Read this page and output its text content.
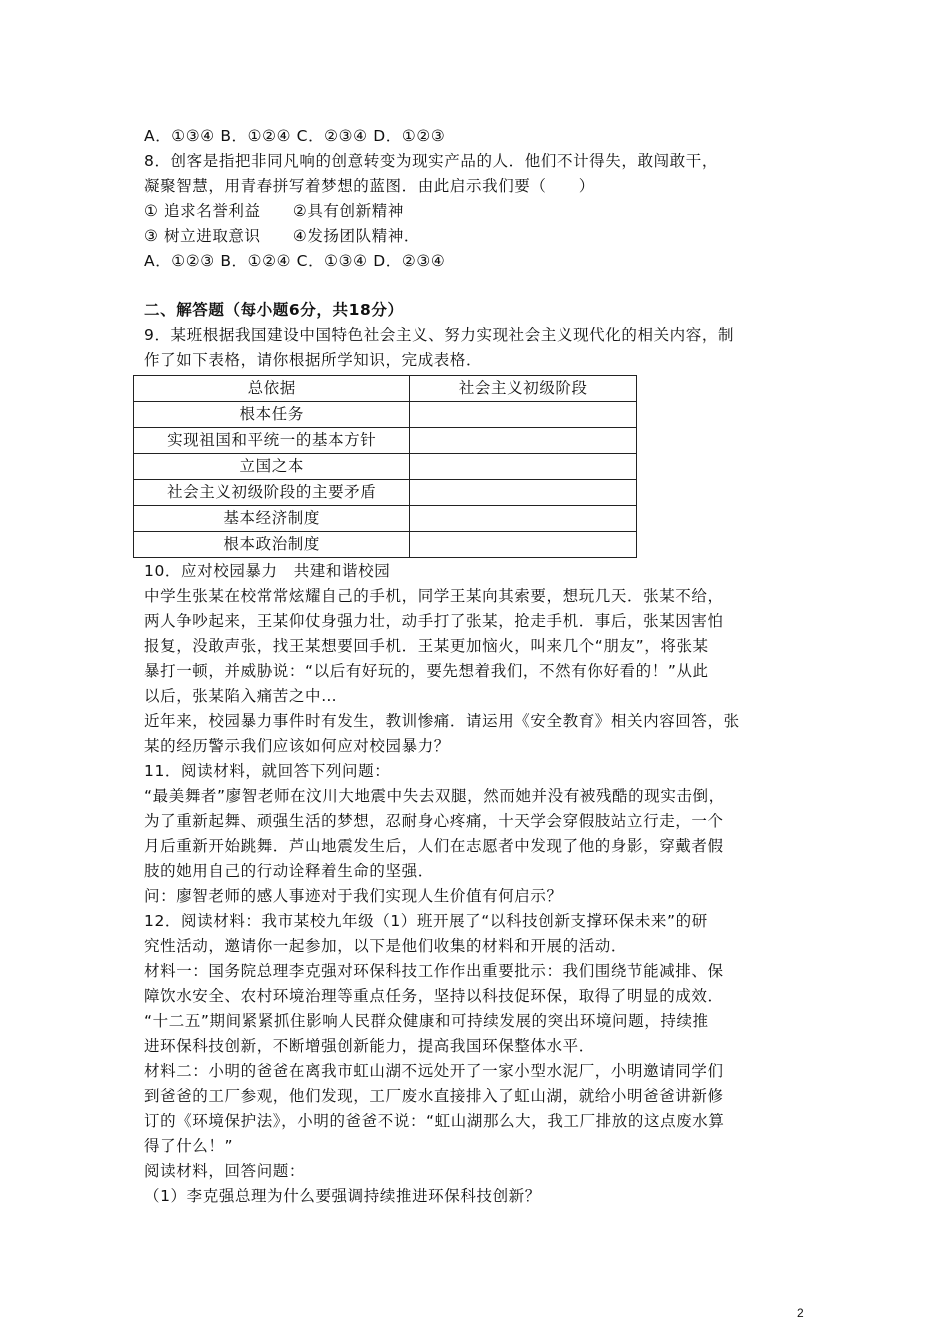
A．①③④ B．①②④ C．②③④ D．①②③
8．创客是指把非同凡响的创意转变为现实产品的人．他们不计得失，敢闯敢干，
凝聚智慧，用青春拼写着梦想的蓝图．由此启示我们要（　　）
① 追求名誉利益　　②具有创新精神
③ 树立进取意识　　④发扬团队精神．
A．①②③ B．①②④ C．①③④ D．②③④
二、解答题（每小题6分，共18分）
9．某班根据我国建设中国特色社会主义、努力实现社会主义现代化的相关内容，制
作了如下表格，请你根据所学知识，完成表格．
总依据	社会主义初级阶段
根本任务	
实现祖国和平统一的基本方针	
立国之本	
社会主义初级阶段的主要矛盾	
基本经济制度	
根本政治制度	
10．应对校园暴力　共建和谐校园
中学生张某在校常常炫耀自己的手机，同学王某向其索要，想玩几天．张某不给，
两人争吵起来，王某仰仗身强力壮，动手打了张某，抢走手机．事后，张某因害怕
报复，没敢声张，找王某想要回手机．王某更加恼火，叫来几个“朋友”，将张某
暴打一顿，并威胁说：“以后有好玩的，要先想着我们，不然有你好看的！”从此
以后，张某陷入痛苦之中…
近年来，校园暴力事件时有发生，教训惨痛．请运用《安全教育》相关内容回答，张
某的经历警示我们应该如何应对校园暴力？
11．阅读材料，就回答下列问题：
“最美舞者”廖智老师在汶川大地震中失去双腿，然而她并没有被残酷的现实击倒，
为了重新起舞、顽强生活的梦想，忍耐身心疼痛，十天学会穿假肢站立行走，一个
月后重新开始跳舞．芦山地震发生后，人们在志愿者中发现了他的身影，穿戴者假
肢的她用自己的行动诠释着生命的坚强．
问：廖智老师的感人事迹对于我们实现人生价值有何启示？
12．阅读材料：我市某校九年级（1）班开展了“以科技创新支撑环保未来”的研
究性活动，邀请你一起参加，以下是他们收集的材料和开展的活动．
材料一：国务院总理李克强对环保科技工作作出重要批示：我们围绕节能减排、保
障饮水安全、农村环境治理等重点任务，坚持以科技促环保，取得了明显的成效．
“十二五”期间紧紧抓住影响人民群众健康和可持续发展的突出环境问题，持续推
进环保科技创新，不断增强创新能力，提高我国环保整体水平．
材料二：小明的爸爸在离我市虹山湖不远处开了一家小型水泥厂，小明邀请同学们
到爸爸的工厂参观，他们发现，工厂废水直接排入了虹山湖，就给小明爸爸讲新修
订的《环境保护法》，小明的爸爸不说：“虹山湖那么大，我工厂排放的这点废水算
得了什么！”
阅读材料，回答问题：
（1）李克强总理为什么要强调持续推进环保科技创新？
2
